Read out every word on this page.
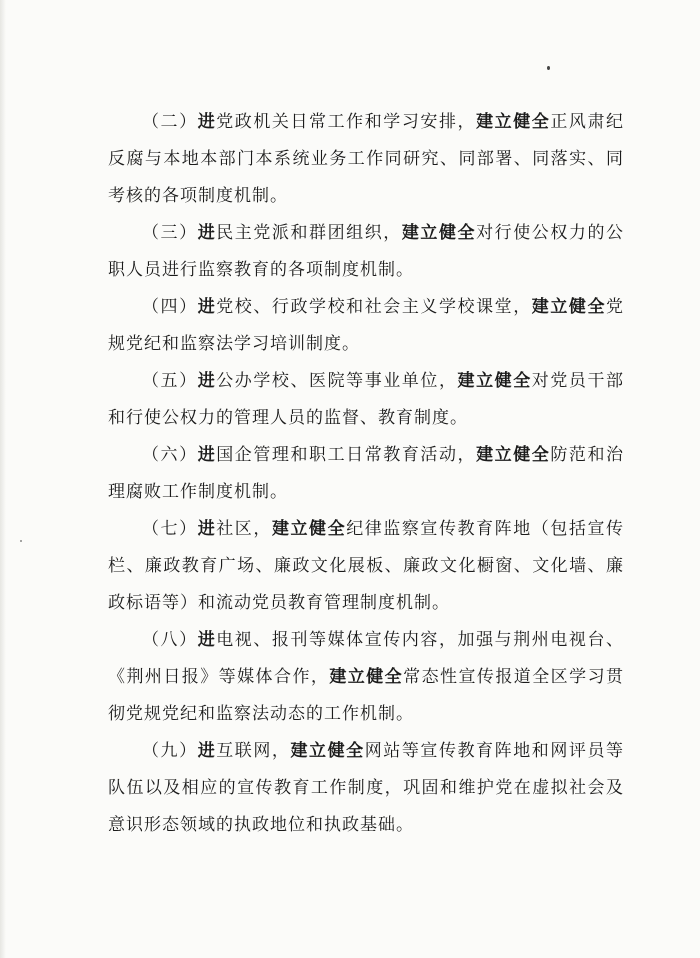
（二）进党政机关日常工作和学习安排，建立健全正风肃纪反腐与本地本部门本系统业务工作同研究、同部署、同落实、同考核的各项制度机制。

（三）进民主党派和群团组织，建立健全对行使公权力的公职人员进行监察教育的各项制度机制。

（四）进党校、行政学校和社会主义学校课堂，建立健全党规党纪和监察法学习培训制度。

（五）进公办学校、医院等事业单位，建立健全对党员干部和行使公权力的管理人员的监督、教育制度。

（六）进国企管理和职工日常教育活动，建立健全防范和治理腐败工作制度机制。

（七）进社区，建立健全纪律监察宣传教育阵地（包括宣传栏、廉政教育广场、廉政文化展板、廉政文化橱窗、文化墙、廉政标语等）和流动党员教育管理制度机制。

（八）进电视、报刊等媒体宣传内容，加强与荆州电视台、《荆州日报》等媒体合作，建立健全常态性宣传报道全区学习贯彻党规党纪和监察法动态的工作机制。

（九）进互联网，建立健全网站等宣传教育阵地和网评员等队伍以及相应的宣传教育工作制度，巩固和维护党在虚拟社会及意识形态领域的执政地位和执政基础。
